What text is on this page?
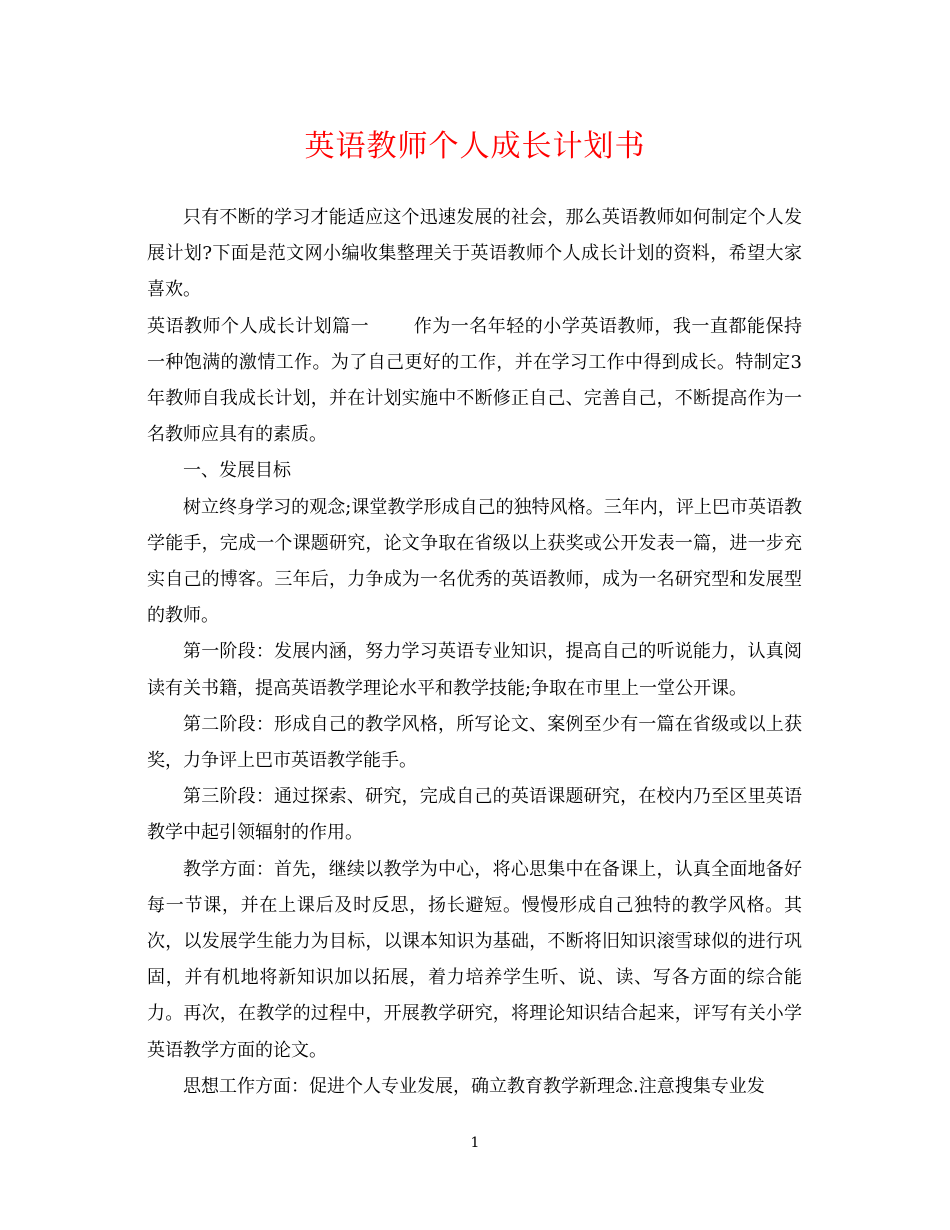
英语教师个人成长计划书

只有不断的学习才能适应这个迅速发展的社会，那么英语教师如何制定个人发展计划?下面是范文网小编收集整理关于英语教师个人成长计划的资料，希望大家喜欢。

英语教师个人成长计划篇一 作为一名年轻的小学英语教师，我一直都能保持一种饱满的激情工作。为了自己更好的工作，并在学习工作中得到成长。特制定3年教师自我成长计划，并在计划实施中不断修正自己、完善自己，不断提高作为一名教师应具有的素质。

一、发展目标

树立终身学习的观念;课堂教学形成自己的独特风格。三年内，评上巴市英语教学能手，完成一个课题研究，论文争取在省级以上获奖或公开发表一篇，进一步充实自己的博客。三年后，力争成为一名优秀的英语教师，成为一名研究型和发展型的教师。

第一阶段：发展内涵，努力学习英语专业知识，提高自己的听说能力，认真阅读有关书籍，提高英语教学理论水平和教学技能;争取在市里上一堂公开课。

第二阶段：形成自己的教学风格，所写论文、案例至少有一篇在省级或以上获奖，力争评上巴市英语教学能手。

第三阶段：通过探索、研究，完成自己的英语课题研究，在校内乃至区里英语教学中起引领辐射的作用。

教学方面：首先，继续以教学为中心，将心思集中在备课上，认真全面地备好每一节课，并在上课后及时反思，扬长避短。慢慢形成自己独特的教学风格。其次，以发展学生能力为目标，以课本知识为基础，不断将旧知识滚雪球似的进行巩固，并有机地将新知识加以拓展，着力培养学生听、说、读、写各方面的综合能力。再次，在教学的过程中，开展教学研究，将理论知识结合起来，评写有关小学英语教学方面的论文。

思想工作方面：促进个人专业发展，确立教育教学新理念.注意搜集专业发

1
